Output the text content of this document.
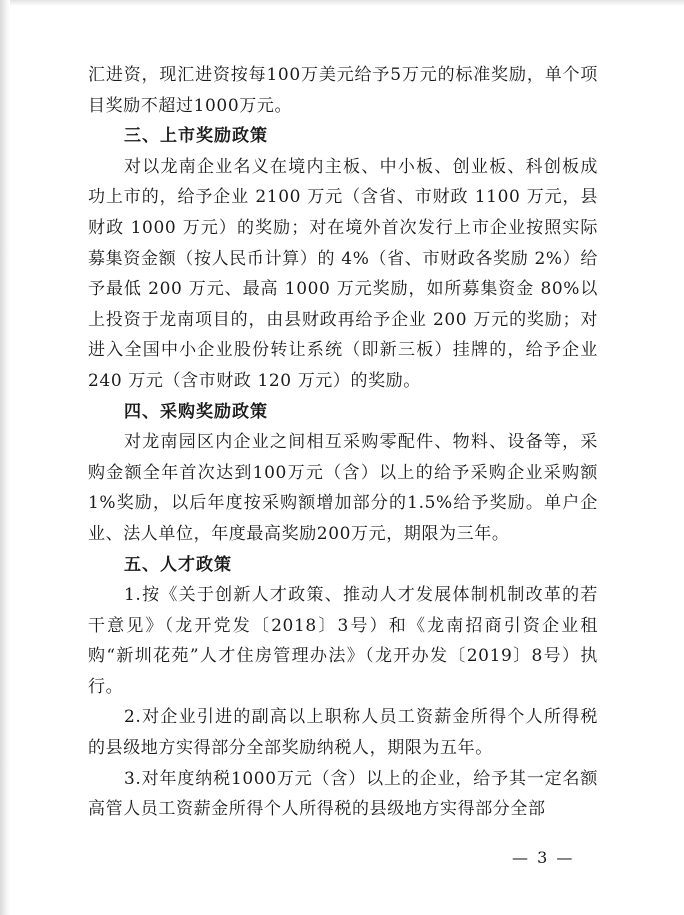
汇进资，现汇进资按每100万美元给予5万元的标准奖励，单个项目奖励不超过1000万元。

三、上市奖励政策

对以龙南企业名义在境内主板、中小板、创业板、科创板成功上市的，给予企业 2100 万元（含省、市财政 1100 万元，县财政 1000 万元）的奖励；对在境外首次发行上市企业按照实际募集资金额（按人民币计算）的 4%（省、市财政各奖励 2%）给予最低 200 万元、最高 1000 万元奖励，如所募集资金 80%以上投资于龙南项目的，由县财政再给予企业 200 万元的奖励；对进入全国中小企业股份转让系统（即新三板）挂牌的，给予企业 240 万元（含市财政 120 万元）的奖励。

四、采购奖励政策

对龙南园区内企业之间相互采购零配件、物料、设备等，采购金额全年首次达到100万元（含）以上的给予采购企业采购额1%奖励，以后年度按采购额增加部分的1.5%给予奖励。单户企业、法人单位，年度最高奖励200万元，期限为三年。

五、人才政策

1.按《关于创新人才政策、推动人才发展体制机制改革的若干意见》（龙开党发〔2018〕3号）和《龙南招商引资企业租购“新圳花苑”人才住房管理办法》（龙开办发〔2019〕8号）执行。

2.对企业引进的副高以上职称人员工资薪金所得个人所得税的县级地方实得部分全部奖励纳税人，期限为五年。

3.对年度纳税1000万元（含）以上的企业，给予其一定名额高管人员工资薪金所得个人所得税的县级地方实得部分全部

— 3 —
